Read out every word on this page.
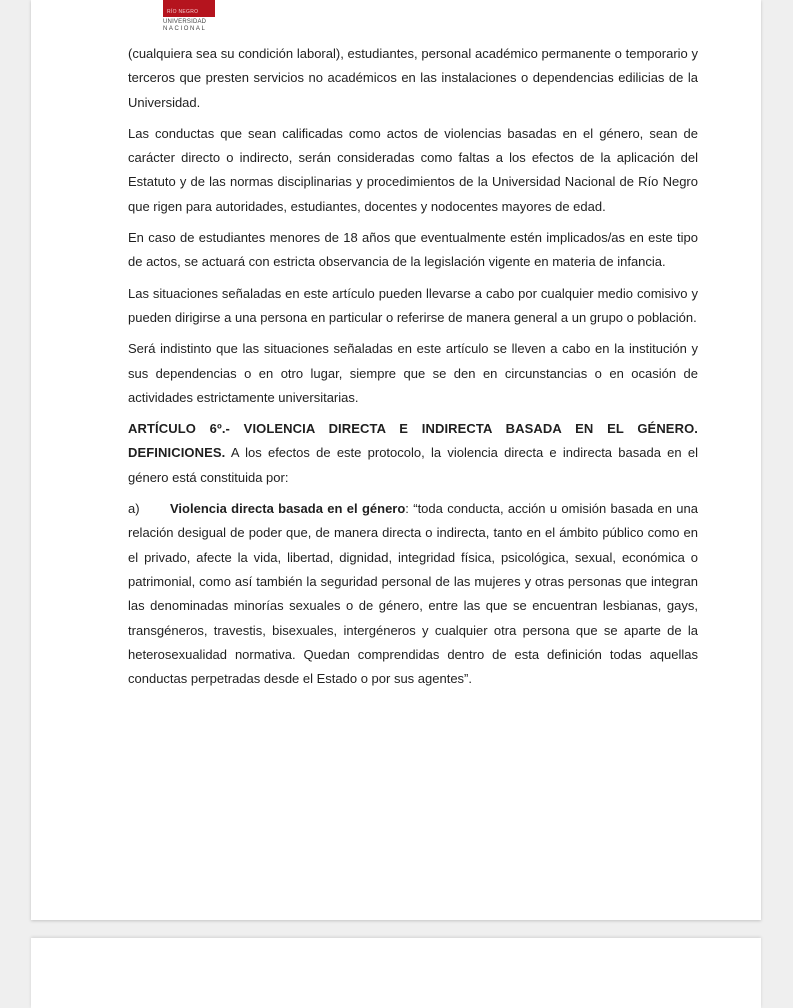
RÍO NEGRO
UNIVERSIDAD
NACIONAL

(cualquiera sea su condición laboral), estudiantes, personal académico permanente o temporario y terceros que presten servicios no académicos en las instalaciones o dependencias edilicias de la Universidad.

Las conductas que sean calificadas como actos de violencias basadas en el género, sean de carácter directo o indirecto, serán consideradas como faltas a los efectos de la aplicación del Estatuto y de las normas disciplinarias y procedimientos de la Universidad Nacional de Río Negro que rigen para autoridades, estudiantes, docentes y nodocentes mayores de edad.

En caso de estudiantes menores de 18 años que eventualmente estén implicados/as en este tipo de actos, se actuará con estricta observancia de la legislación vigente en materia de infancia.

Las situaciones señaladas en este artículo pueden llevarse a cabo por cualquier medio comisivo y pueden dirigirse a una persona en particular o referirse de manera general a un grupo o población.

Será indistinto que las situaciones señaladas en este artículo se lleven a cabo en la institución y sus dependencias o en otro lugar, siempre que se den en circunstancias o en ocasión de actividades estrictamente universitarias.

ARTÍCULO 6º.- VIOLENCIA DIRECTA E INDIRECTA BASADA EN EL GÉNERO. DEFINICIONES. A los efectos de este protocolo, la violencia directa e indirecta basada en el género está constituida por:

a) Violencia directa basada en el género: “toda conducta, acción u omisión basada en una relación desigual de poder que, de manera directa o indirecta, tanto en el ámbito público como en el privado, afecte la vida, libertad, dignidad, integridad física, psicológica, sexual, económica o patrimonial, como así también la seguridad personal de las mujeres y otras personas que integran las denominadas minorías sexuales o de género, entre las que se encuentran lesbianas, gays, transgéneros, travestis, bisexuales, intergéneros y cualquier otra persona que se aparte de la heterosexualidad normativa. Quedan comprendidas dentro de esta definición todas aquellas conductas perpetradas desde el Estado o por sus agentes”.
